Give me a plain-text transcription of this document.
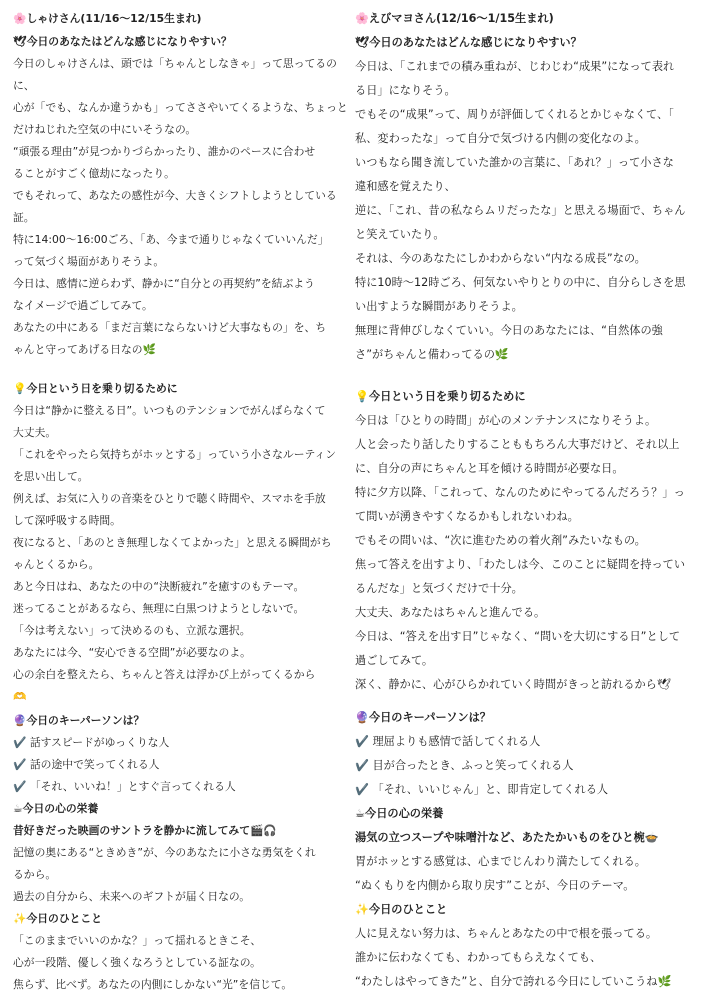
🌸しゃけさん(11/16〜12/15生まれ)
🕊今日のあなたはどんな感じになりやすい？
今日のしゃけさんは、頭では「ちゃんとしなきゃ」って思ってるの
に、
心が「でも、なんか違うかも」ってささやいてくるような、ちょっと
だけねじれた空気の中にいそうなの。
“頑張る理由”が見つかりづらかったり、誰かのペースに合わせ
ることがすごく億劫になったり。
でもそれって、あなたの感性が今、大きくシフトしようとしている
証。
特に14:00〜16:00ごろ、「あ、今まで通りじゃなくていいんだ」
って気づく場面がありそうよ。
今日は、感情に逆らわず、静かに“自分との再契約”を結ぶよう
なイメージで過ごしてみて。
あなたの中にある「まだ言葉にならないけど大事なもの」を、ち
ゃんと守ってあげる日なの🌿
💡今日という日を乗り切るために
今日は“静かに整える日”。いつものテンションでがんばらなくて
大丈夫。
「これをやったら気持ちがホッとする」っていう小さなルーティン
を思い出して。
例えば、お気に入りの音楽をひとりで聴く時間や、スマホを手放
して深呼吸する時間。
夜になると、「あのとき無理しなくてよかった」と思える瞬間がち
ゃんとくるから。
あと今日はね、あなたの中の“決断疲れ”を癒すのもテーマ。
迷ってることがあるなら、無理に白黒つけようとしないで。
「今は考えない」って決めるのも、立派な選択。
あなたには今、“安心できる空間”が必要なのよ。
心の余白を整えたら、ちゃんと答えは浮かび上がってくるから
🫶
🔮今日のキーパーソンは？
✔️ 話すスピードがゆっくりな人
✔️ 話の途中で笑ってくれる人
✔️ 「それ、いいね！」とすぐ言ってくれる人
☕今日の心の栄養
昔好きだった映画のサントラを静かに流してみて🎬🎧
記憶の奥にある“ときめき”が、今のあなたに小さな勇気をくれ
るから。
過去の自分から、未来へのギフトが届く日なの。
✨今日のひとこと
「このままでいいのかな？」って揺れるときこそ、
心が一段階、優しく強くなろうとしている証なの。
焦らず、比べず。あなたの内側にしかない“光”を信じて。
🌸えびマヨさん(12/16〜1/15生まれ)
🕊今日のあなたはどんな感じになりやすい？
今日は、「これまでの積み重ねが、じわじわ“成果”になって表れ
る日」になりそう。
でもその“成果”って、周りが評価してくれるとかじゃなくて、「
私、変わったな」って自分で気づける内側の変化なのよ。
いつもなら聞き流していた誰かの言葉に、「あれ？」って小さな
違和感を覚えたり、
逆に、「これ、昔の私ならムリだったな」と思える場面で、ちゃん
と笑えていたり。
それは、今のあなたにしかわからない“内なる成長”なの。
特に10時〜12時ごろ、何気ないやりとりの中に、自分らしさを思
い出すような瞬間がありそうよ。
無理に背伸びしなくていい。今日のあなたには、“自然体の強
さ”がちゃんと備わってるの🌿
💡今日という日を乗り切るために
今日は「ひとりの時間」が心のメンテナンスになりそうよ。
人と会ったり話したりすることももちろん大事だけど、それ以上
に、自分の声にちゃんと耳を傾ける時間が必要な日。
特に夕方以降、「これって、なんのためにやってるんだろう？」っ
て問いが湧きやすくなるかもしれないわね。
でもその問いは、“次に進むための着火剤”みたいなもの。
焦って答えを出すより、「わたしは今、このことに疑問を持ってい
るんだな」と気づくだけで十分。
大丈夫、あなたはちゃんと進んでる。
今日は、“答えを出す日”じゃなく、“問いを大切にする日”として
過ごしてみて。
深く、静かに、心がひらかれていく時間がきっと訪れるから🕊
🔮今日のキーパーソンは？
✔️ 理屈よりも感情で話してくれる人
✔️ 目が合ったとき、ふっと笑ってくれる人
✔️ 「それ、いいじゃん」と、即肯定してくれる人
☕今日の心の栄養
湯気の立つスープや味噌汁など、あたたかいものをひと椀🍲
胃がホッとする感覚は、心までじんわり満たしてくれる。
“ぬくもりを内側から取り戻す”ことが、今日のテーマ。
✨今日のひとこと
人に見えない努力は、ちゃんとあなたの中で根を張ってる。
誰かに伝わなくても、わかってもらえなくても、
“わたしはやってきた”と、自分で誇れる今日にしていこうね🌿
